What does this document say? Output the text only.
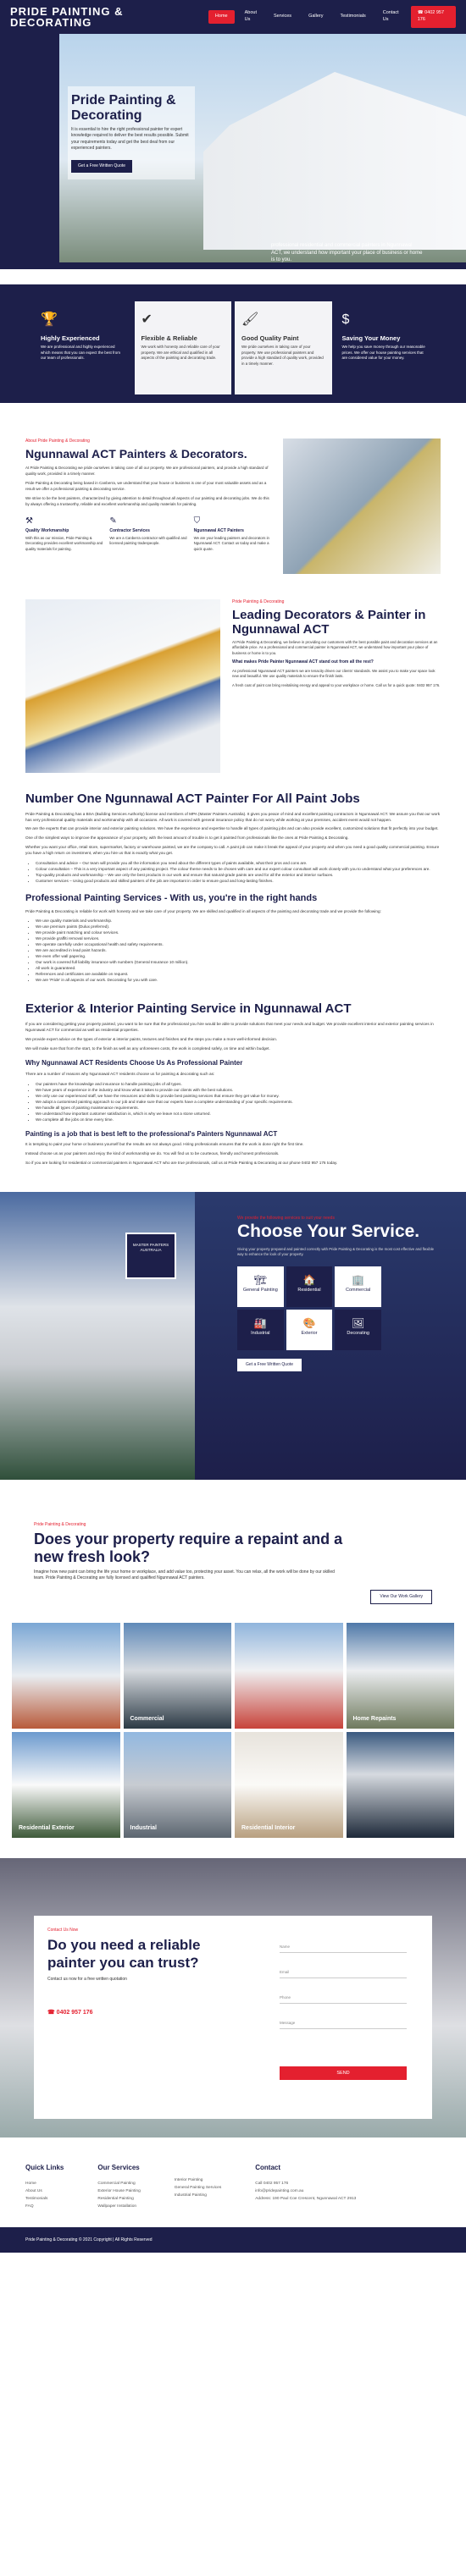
PRIDE PAINTING & DECORATING	Home
About Us
Services	Gallery	Testimonials
Contact Us
☎ 0402 957 176
Pride Painting & Decorating

It is essential to hire the right professional painter for expert knowledge required to deliver the best results possible. Submit your requirements today and get the best deal from our experienced painters.

Get a Free Written Quote
professional residential and commercial painters in Ngunnawal ACT, we understand how important your place of business or home is to you.
← →
🏆
Highly Experienced

We are professional and highly experienced which means that you can expect the best from our team of professionals.

✔
Flexible & Reliable

We work with honesty and reliable care of your property. We are ethical and qualified in all aspects of the painting and decorating trade.

🖌
Good Quality Paint

We pride ourselves in taking care of your property. We use professional painters and provide a high standard of quality work, provided in a timely manner.

$
Saving Your Money

We help you save money through our reasonable prices. We offer our house painting services that are considered value for your money.

About Pride Painting & Decorating
Ngunnawal ACT Painters & Decorators.

At Pride Painting & Decorating we pride ourselves in taking care of all our property. We are professional painters, and provide a high standard of quality work, provided in a timely manner.

Pride Painting & Decorating being based in Canberra, we understand that your house or business is one of your most valuable assets and as a result we offer a professional painting & decorating service.

We strive to be the best painters, characterized by giving attention to detail throughout all aspects of our painting and decorating jobs. We do this by always offering a trustworthy, reliable and excellent workmanship and quality materials for painting.

⚒
Quality Workmanship

With this as our mission, Pride Painting & Decorating provides excellent workmanship and quality materials for painting.

✎
Contractor Services

We are a Canberra contractor with qualified and licensed painting tradespeople.

⛉
Ngunnawal ACT Painters

We are your leading painters and decorators in Ngunnawal ACT. Contact us today and make a quick quote.

Pride Painting & Decorating
Leading Decorators & Painter in Ngunnawal ACT

At Pride Painting & Decorating, we believe in providing our customers with the best possible paint and decoration services at an affordable price. As a professional and commercial painter in Ngunnawal ACT, we understand how important your place of business or home is to you.

What makes Pride Painter Ngunnawal ACT stand out from all the rest?

As professional Ngunnawal ACT painters we are tenacity driven our clients' standards. We assist you to make your space look new and beautiful. We use quality materials to ensure the finish lasts.

A fresh coat of paint can bring revitalising energy and appeal to your workplace or home. Call us for a quick quote: 0402 957 176.

Number One Ngunnawal ACT Painter For All Paint Jobs

Pride Painting & Decorating has a BSA (Building Services Authority) license and members of MPA (Master Painters Australia). It gives you peace of mind and excellent painting contractors in Ngunnawal ACT. We assure you that our work has very professional quality materials and workmanship with all occasions. All work is covered with general insurance policy that do not worry while working at your premises, accident event would not happen.

We are the experts that can provide interior and exterior painting solutions. We have the experience and expertise to handle all types of painting jobs and can also provide excellent, customized solutions that fit perfectly into your budget.

One of the simplest ways to improve the appearance of your property, with the least amount of trouble is to get it painted from professionals like the ones at Pride Painting & Decorating.

Whether you want your office, retail store, supermarket, factory or warehouse painted, we are the company to call. A paint job can make it break the appeal of your property and when you need a good quality commercial painting. Ensure you have a high return on investment, when you hire us that is exactly what you get.

• Consultation and advice – Our team will provide you all the information you need about the different types of paints available, what their pros and cons are.
• Colour consultation – This is a very important aspect of any painting project. The colour theme needs to be chosen with care and our expert colour consultant will work closely with you to understand what your preferences are.
• Top-quality products and workmanship – We use only the best products in our work and ensure that natural-grade paints are used for all the exterior and interior surfaces.
• Customer services – Using good products and skilled painters of the job are important in order to ensure good and long-lasting finishes.
Professional Painting Services - With us, you're in the right hands

Pride Painting & Decorating is reliable for work with honesty and we take care of your property. We are skilled and qualified in all aspects of the painting and decorating trade and we provide the following:

• We use quality materials and workmanship.
• We use premium paints (Dulux preferred).
• We provide paint matching and colour services.
• We provide graffiti removal services.
• We operate carefully under occupational health and safety requirements.
• We are accredited in lead paint hazards.
• We even offer wall papering.
• Our work is covered full liability insurance with numbers (General Insurance 10 million).
• All work is guaranteed.
• References and certificates are available on request.
• We are 'Pride' in all aspects of our work. Decorating for you with care.
Exterior & Interior Painting Service in Ngunnawal ACT

If you are considering getting your property painted, you want to be sure that the professional you hire would be able to provide solutions that meet your needs and budget. We provide excellent interior and exterior painting services in Ngunnawal ACT for commercial as well as residential properties.

We provide expert advice on the types of exterior & interior paints, textures and finishes and the steps you make a more well-informed decision.

We will make sure that from the start, to the finish as well as any unforeseen costs, the work is completed safely, on time and within budget.

Why Ngunnawal ACT Residents Choose Us As Professional Painter

There are a number of reasons why Ngunnawal ACT residents choose us for painting & decorating such as:

• Our painters have the knowledge and insurance to handle painting jobs of all types.
• We have years of experience in the industry and know what it takes to provide our clients with the best solutions.
• We only use our experienced staff, we have the resources and skills to provide best painting services that ensure they get value for money.
• We adopt a customised painting approach to our job and make sure that our experts have a complete understanding of your specific requirements.
• We handle all types of painting maintenance requirements.
• We understand how important customer satisfaction is, which is why we leave not a stone unturned.
• We complete all the jobs on time every time.
Painting is a job that is best left to the professional's Painters Ngunnawal ACT

It is tempting to paint your home or business yourself but the results are not always good. Hiring professionals ensures that the work is done right the first time.

Instead choose us as your painters and enjoy the kind of workmanship we do. You will find us to be courteous, friendly and honest professionals.

So if you are looking for residential or commercial painters in Ngunnawal ACT who are true professionals, call us at Pride Painting & Decorating at our phone 0402 957 176 today.

MASTER PAINTERS AUSTRALIA
We provide the following services to suit your needs
Choose Your Service.
Giving your property prepared and painted correctly with Pride Painting & Decorating is the most cost effective and flexible way to enhance the look of your property.
🏗
General Painting
🏠
Residential
🏢
Commercial
🏭
Industrial
🎨
Exterior
🖼
Decorating
Get a Free Written Quote
Pride Painting & Decorating
Does your property require a repaint and a new fresh look?

Imagine how new paint can bring the life your home or workplace, and add value too, protecting your asset. You can relax, all the work will be done by our skilled team. Pride Painting & Decorating are fully licensed and qualified Ngunnawal ACT painters.

View Our Work Gallery
Commercial	Home Repaints
Residential Exterior	Industrial	Residential Interior
Contact Us Now
Do you need a reliable
painter you can trust?
Contact us now for a free written quotation
☎ 0402 957 176
Name
Email
Phone
Message
SEND
Quick Links
Home
About Us
Testimonials
FAQ
Our Services
Commercial Painting
Exterior House Painting
Residential Painting
Wallpaper Installation
Interior Painting
General Painting Services
Industrial Painting
Contact
Call 0402 957 176
info@pridepainting.com.au
Address: 190 Paul Coe Crescent, Ngunnawal ACT 2913
Pride Painting & Decorating © 2021 Copyright | All Rights Reserved
